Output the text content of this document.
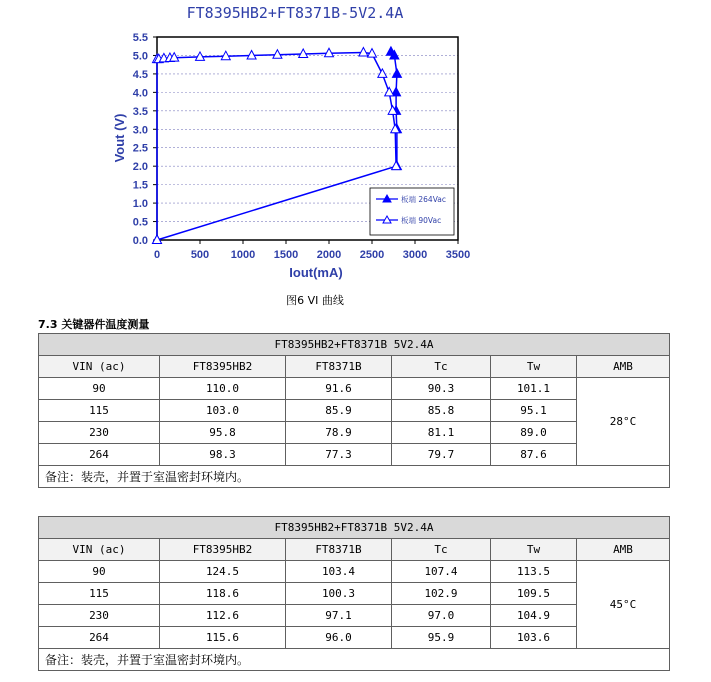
FT8395HB2+FT8371B-5V2.4A
0.0
0.5
1.0
1.5
2.0
2.5
3.0
3.5
4.0
4.5
5.0
5.5
0	500 1000 1500 2000 2500 3000 3500
Vout (V)
Iout(mA)
板端 264Vac
板端 90Vac
图6 VI 曲线
7.3 关键器件温度测量
FT8395HB2+FT8371B 5V2.4A					
VIN (ac)	FT8395HB2	FT8371B	Tc	Tw	AMB
90	110.0	91.6	90.3	101.1	28°C
115	103.0	85.9	85.8	95.1	
230	95.8	78.9	81.1	89.0	
264	98.3	77.3	79.7	87.6	
备注：装壳，并置于室温密封环境内。					
FT8395HB2+FT8371B 5V2.4A					
VIN (ac)	FT8395HB2	FT8371B	Tc	Tw	AMB
90	124.5	103.4	107.4	113.5	45°C
115	118.6	100.3	102.9	109.5	
230	112.6	97.1	97.0	104.9	
264	115.6	96.0	95.9	103.6	
备注：装壳，并置于室温密封环境内。					
